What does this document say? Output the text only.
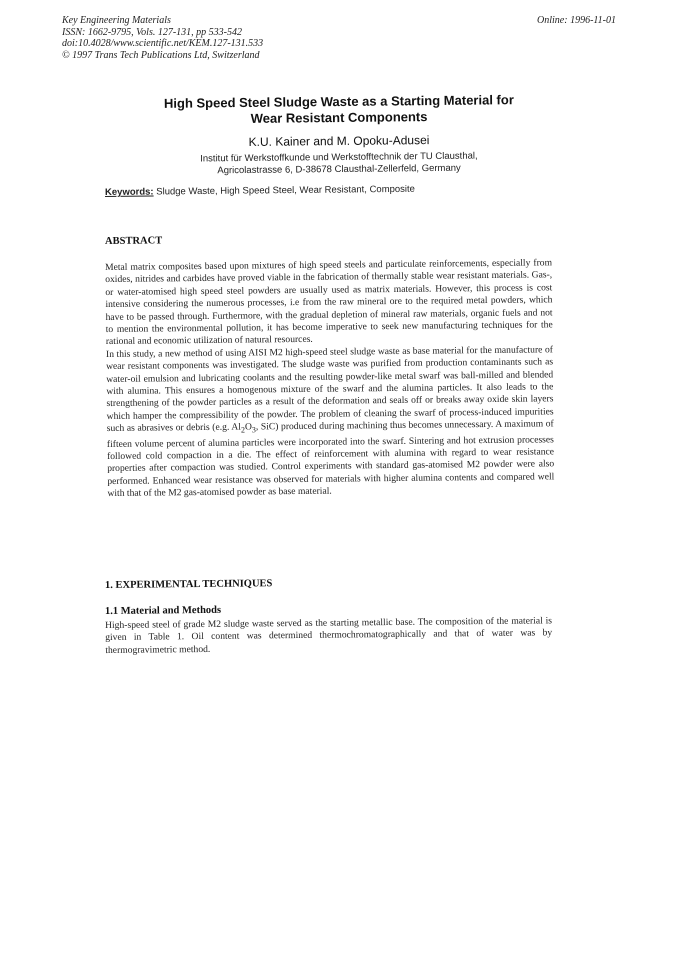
Key Engineering Materials
ISSN: 1662-9795, Vols. 127-131, pp 533-542
doi:10.4028/www.scientific.net/KEM.127-131.533
© 1997 Trans Tech Publications Ltd, Switzerland
Online: 1996-11-01
High Speed Steel Sludge Waste as a Starting Material for
Wear Resistant Components
K.U. Kainer and M. Opoku-Adusei
Institut für Werkstoffkunde und Werkstofftechnik der TU Clausthal,
Agricolastrasse 6, D-38678 Clausthal-Zellerfeld, Germany
Keywords: Sludge Waste, High Speed Steel, Wear Resistant, Composite
ABSTRACT

Metal matrix composites based upon mixtures of high speed steels and particulate reinforcements, especially from oxides, nitrides and carbides have proved viable in the fabrication of thermally stable wear resistant materials. Gas-, or water-atomised high speed steel powders are usually used as matrix materials. However, this process is cost intensive considering the numerous processes, i.e from the raw mineral ore to the required metal powders, which have to be passed through. Furthermore, with the gradual depletion of mineral raw materials, organic fuels and not to mention the environmental pollution, it has become imperative to seek new manufacturing techniques for the rational and economic utilization of natural resources.

In this study, a new method of using AISI M2 high-speed steel sludge waste as base material for the manufacture of wear resistant components was investigated. The sludge waste was purified from production contaminants such as water-oil emulsion and lubricating coolants and the resulting powder-like metal swarf was ball-milled and blended with alumina. This ensures a homogenous mixture of the swarf and the alumina particles. It also leads to the strengthening of the powder particles as a result of the deformation and seals off or breaks away oxide skin layers which hamper the compressibility of the powder. The problem of cleaning the swarf of process-induced impurities such as abrasives or debris (e.g. $Al_2O_3$, SiC) produced during machining thus becomes unnecessary. A maximum of fifteen volume percent of alumina particles were incorporated into the swarf. Sintering and hot extrusion processes followed cold compaction in a die. The effect of reinforcement with alumina with regard to wear resistance properties after compaction was studied. Control experiments with standard gas-atomised M2 powder were also performed. Enhanced wear resistance was observed for materials with higher alumina contents and compared well with that of the M2 gas-atomised powder as base material.

1. EXPERIMENTAL TECHNIQUES
1.1 Material and Methods

High-speed steel of grade M2 sludge waste served as the starting metallic base. The composition of the material is given in Table 1. Oil content was determined thermochromatographically and that of water was by thermogravimetric method.
